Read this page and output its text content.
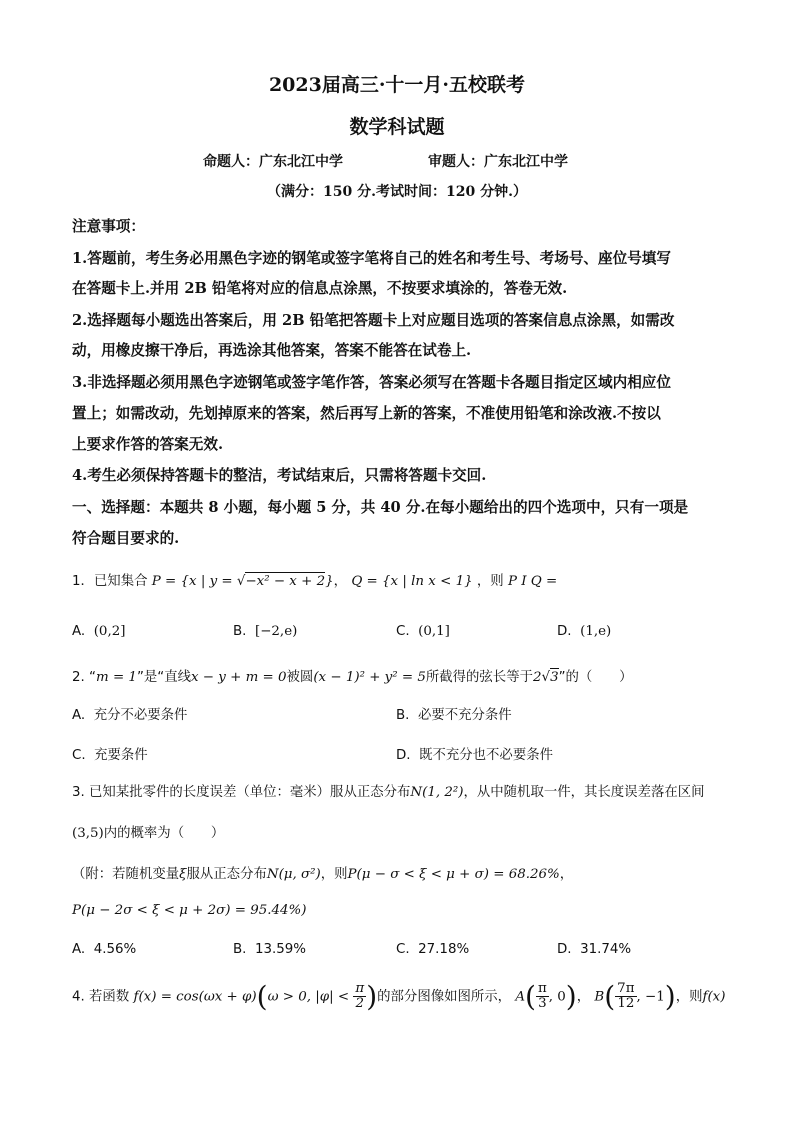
2023届高三·十一月·五校联考
数学科试题
命题人：广东北江中学	审题人：广东北江中学
（满分：150 分.考试时间：120 分钟.）
注意事项：
1.答题前，考生务必用黑色字迹的钢笔或签字笔将自己的姓名和考生号、考场号、座位号填写
在答题卡上.并用 2B 铅笔将对应的信息点涂黑，不按要求填涂的，答卷无效.
2.选择题每小题选出答案后，用 2B 铅笔把答题卡上对应题目选项的答案信息点涂黑，如需改
动，用橡皮擦干净后，再选涂其他答案，答案不能答在试卷上.
3.非选择题必须用黑色字迹钢笔或签字笔作答，答案必须写在答题卡各题目指定区域内相应位
置上；如需改动，先划掉原来的答案，然后再写上新的答案，不准使用铅笔和涂改液.不按以
上要求作答的答案无效.
4.考生必须保持答题卡的整洁，考试结束后，只需将答题卡交回.
一、选择题：本题共 8 小题，每小题 5 分，共 40 分.在每小题给出的四个选项中，只有一项是
符合题目要求的.
1．已知集合 P = {x | y = √−x² − x + 2}， Q = {x | ln x < 1} ，则 P I Q =
A. (0,2]	B. [−2,e)	C. (0,1]	D. (1,e)
2. “m = 1”是“直线x − y + m = 0被圆(x − 1)² + y² = 5所截得的弦长等于2√3”的（　　）
A. 充分不必要条件	B. 必要不充分条件
C. 充要条件	D. 既不充分也不必要条件
3. 已知某批零件的长度误差（单位：毫米）服从正态分布N(1, 2²)，从中随机取一件，其长度误差落在区间
(3,5)内的概率为（　　）
（附：若随机变量ξ服从正态分布N(μ, σ²)，则P(μ − σ < ξ < μ + σ) = 68.26%，
P(μ − 2σ < ξ < μ + 2σ) = 95.44%)
A. 4.56%	B. 13.59%	C. 27.18%	D. 31.74%
4. 若函数 f(x) = cos(ωx + φ)(ω > 0, $|\varphi| < \frac{\pi}{2}$ )的部分图像如图所示， $A( \frac{\pi}{3}$ , 0)， $B( \frac{7\pi}{12}$ , −1)，则f(x)
